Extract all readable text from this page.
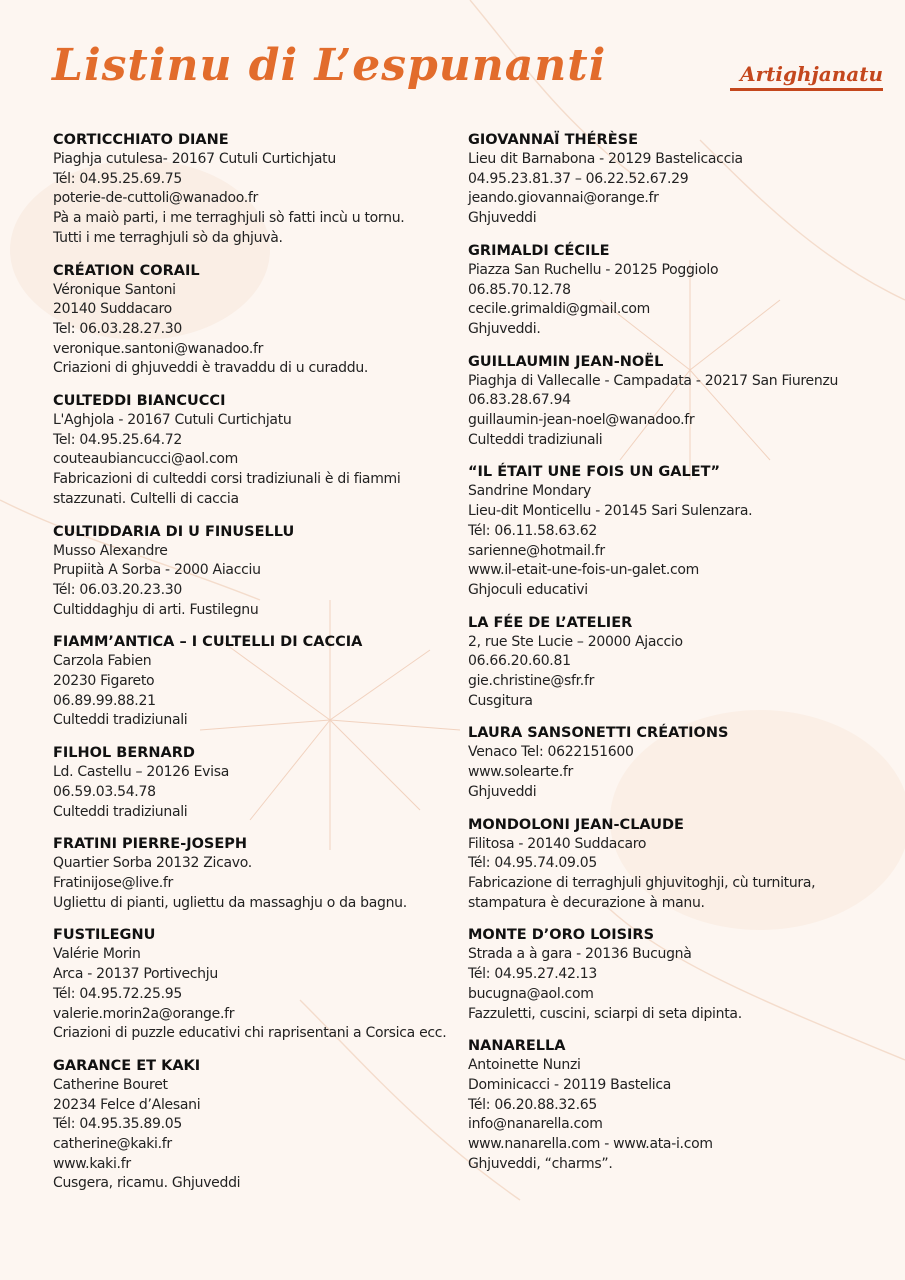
Listinu di L’espunanti	Artighjanatu
CORTICCHIATO DIANE
Piaghja cutulesa- 20167 Cutuli Curtichjatu
Tél: 04.95.25.69.75
poterie-de-cuttoli@wanadoo.fr
Pà a maiò parti, i me terraghjuli sò fatti incù u tornu.
Tutti i me terraghjuli sò da ghjuvà.
CRÉATION CORAIL
Véronique Santoni
20140 Suddacaro
Tel: 06.03.28.27.30
veronique.santoni@wanadoo.fr
Criazioni di ghjuveddi è travaddu di u curaddu.
CULTEDDI BIANCUCCI
L'Aghjola - 20167 Cutuli Curtichjatu
Tel: 04.95.25.64.72
couteaubiancucci@aol.com
Fabricazioni di culteddi corsi tradiziunali è di fiammi
stazzunati. Cultelli di caccia
CULTIDDARIA DI U FINUSELLU
Musso Alexandre
Prupiità A Sorba - 2000 Aiacciu
Tél: 06.03.20.23.30
Cultiddaghju di arti. Fustilegnu
FIAMM’ANTICA – I CULTELLI DI CACCIA
Carzola Fabien
20230 Figareto
06.89.99.88.21
Culteddi tradiziunali
FILHOL BERNARD
Ld. Castellu – 20126 Evisa
06.59.03.54.78
Culteddi tradiziunali
FRATINI PIERRE-JOSEPH
Quartier Sorba 20132 Zicavo.
Fratinijose@live.fr
Ugliettu di pianti, ugliettu da massaghju o da bagnu.
FUSTILEGNU
Valérie Morin
Arca - 20137 Portivechju
Tél: 04.95.72.25.95
valerie.morin2a@orange.fr
Criazioni di puzzle educativi chi raprisentani a Corsica ecc.
GARANCE ET KAKI
Catherine Bouret
20234 Felce d’Alesani
Tél: 04.95.35.89.05
catherine@kaki.fr
www.kaki.fr
Cusgera, ricamu. Ghjuveddi
GIOVANNAÏ THÉRÈSE
Lieu dit Barnabona - 20129 Bastelicaccia
04.95.23.81.37 – 06.22.52.67.29
jeando.giovannai@orange.fr
Ghjuveddi
GRIMALDI CÉCILE
Piazza San Ruchellu - 20125 Poggiolo
06.85.70.12.78
cecile.grimaldi@gmail.com
Ghjuveddi.
GUILLAUMIN JEAN-NOËL
Piaghja di Vallecalle - Campadata - 20217 San Fiurenzu
06.83.28.67.94
guillaumin-jean-noel@wanadoo.fr
Culteddi tradiziunali
“IL ÉTAIT UNE FOIS UN GALET”
Sandrine Mondary
Lieu-dit Monticellu - 20145 Sari Sulenzara.
Tél: 06.11.58.63.62
sarienne@hotmail.fr
www.il-etait-une-fois-un-galet.com
Ghjoculi educativi
LA FÉE DE L’ATELIER
2, rue Ste Lucie – 20000 Ajaccio
06.66.20.60.81
gie.christine@sfr.fr
Cusgitura
LAURA SANSONETTI CRÉATIONS
Venaco Tel: 0622151600
www.solearte.fr
Ghjuveddi
MONDOLONI JEAN-CLAUDE
Filitosa - 20140 Suddacaro
Tél: 04.95.74.09.05
Fabricazione di terraghjuli ghjuvitoghji, cù turnitura,
stampatura è decurazione à manu.
MONTE D’ORO LOISIRS
Strada a à gara - 20136 Bucugnà
Tél: 04.95.27.42.13
bucugna@aol.com
Fazzuletti, cuscini, sciarpi di seta dipinta.
NANARELLA
Antoinette Nunzi
Dominicacci - 20119 Bastelica
Tél: 06.20.88.32.65
info@nanarella.com
www.nanarella.com - www.ata-i.com
Ghjuveddi, “charms”.
